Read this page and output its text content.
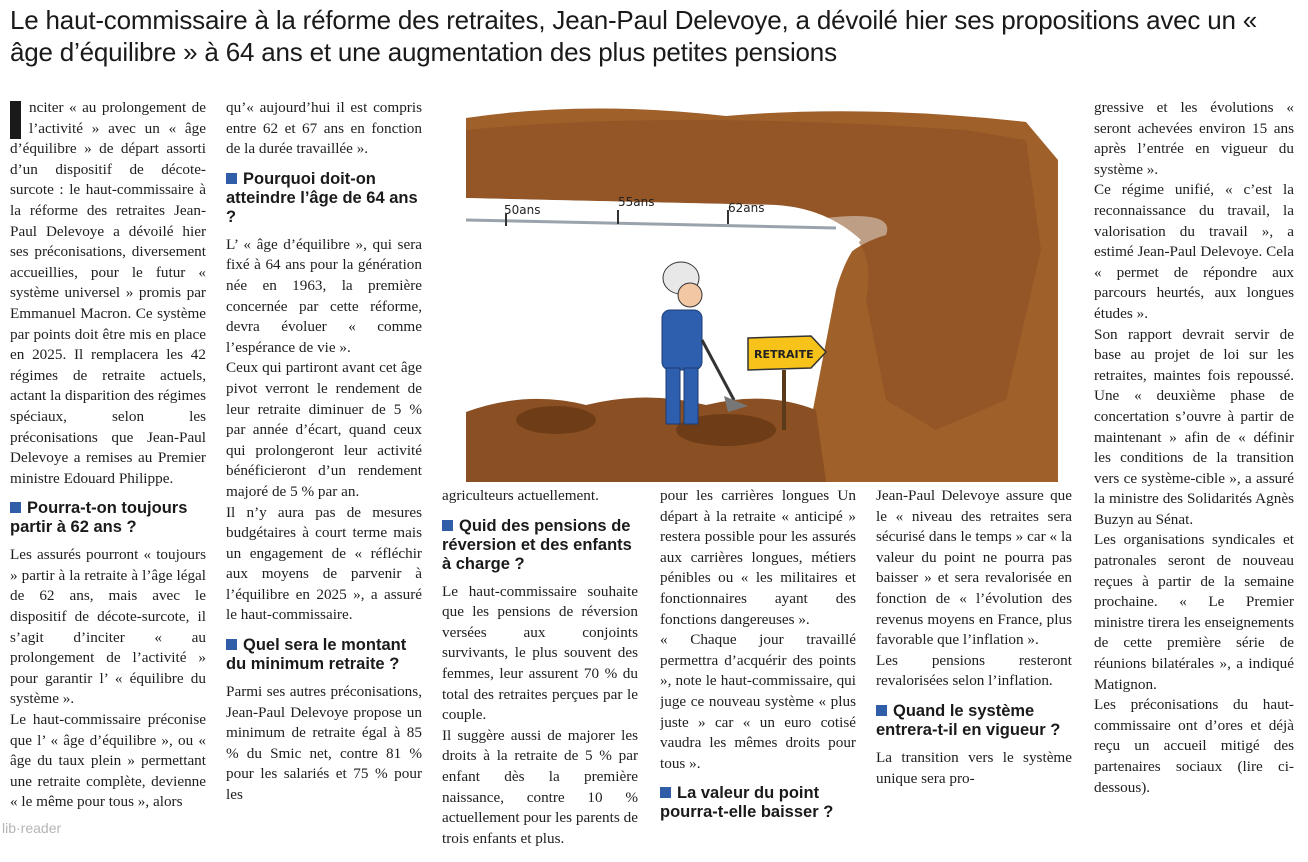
Le haut-commissaire à la réforme des retraites, Jean-Paul Delevoye, a dévoilé hier ses propositions avec un « âge d’équilibre » à 64 ans et une augmentation des plus petites pensions

nciter « au prolongement de l’activité » avec un « âge d’équilibre » de départ assorti d’un dispositif de décote-surcote : le haut-commissaire à la réforme des retraites Jean-Paul Delevoye a dévoilé hier ses préconisations, diversement accueillies, pour le futur « système universel » promis par Emmanuel Macron. Ce système par points doit être mis en place en 2025. Il remplacera les 42 régimes de retraite actuels, actant la disparition des régimes spéciaux, selon les préconisations que Jean-Paul Delevoye a remises au Premier ministre Edouard Philippe.

Pourra-t-on toujours partir à 62 ans ?

Les assurés pourront « toujours » partir à la retraite à l’âge légal de 62 ans, mais avec le dispositif de décote-surcote, il s’agit d’inciter « au prolongement de l’activité » pour garantir l’ « équilibre du système ».

Le haut-commissaire préconise que l’ « âge d’équilibre », ou « âge du taux plein » permettant une retraite complète, devienne « le même pour tous », alors

qu’« aujourd’hui il est compris entre 62 et 67 ans en fonction de la durée travaillée ».

Pourquoi doit-on atteindre l’âge de 64 ans ?

L’ « âge d’équilibre », qui sera fixé à 64 ans pour la génération née en 1963, la première concernée par cette réforme, devra évoluer « comme l’espérance de vie ».

Ceux qui partiront avant cet âge pivot verront le rendement de leur retraite diminuer de 5 % par année d’écart, quand ceux qui prolongeront leur activité bénéficieront d’un rendement majoré de 5 % par an.

Il n’y aura pas de mesures budgétaires à court terme mais un engagement de « réfléchir aux moyens de parvenir à l’équilibre en 2025 », a assuré le haut-commissaire.

Quel sera le montant du minimum retraite ?

Parmi ses autres préconisations, Jean-Paul Delevoye propose un minimum de retraite égal à 85 % du Smic net, contre 81 % pour les salariés et 75 % pour les

50ans
55ans	62ans
RETRAITE

agriculteurs actuellement.

Quid des pensions de réversion et des enfants à charge ?

Le haut-commissaire souhaite que les pensions de réversion versées aux conjoints survivants, le plus souvent des femmes, leur assurent 70 % du total des retraites perçues par le couple.

Il suggère aussi de majorer les droits à la retraite de 5 % par enfant dès la première naissance, contre 10 % actuellement pour les parents de trois enfants et plus.

pour les carrières longues Un départ à la retraite « anticipé » restera possible pour les assurés aux carrières longues, métiers pénibles ou « les militaires et fonctionnaires ayant des fonctions dangereuses ».

« Chaque jour travaillé permettra d’acquérir des points », note le haut-commissaire, qui juge ce nouveau système « plus juste » car « un euro cotisé vaudra les mêmes droits pour tous ».

La valeur du point pourra-t-elle baisser ?

Jean-Paul Delevoye assure que le « niveau des retraites sera sécurisé dans le temps » car « la valeur du point ne pourra pas baisser » et sera revalorisée en fonction de « l’évolution des revenus moyens en France, plus favorable que l’inflation ».

Les pensions resteront revalorisées selon l’inflation.

Quand le système entrera-t-il en vigueur ?

La transition vers le système unique sera pro-

gressive et les évolutions « seront achevées environ 15 ans après l’entrée en vigueur du système ».

Ce régime unifié, « c’est la reconnaissance du travail, la valorisation du travail », a estimé Jean-Paul Delevoye. Cela « permet de répondre aux parcours heurtés, aux longues études ».

Son rapport devrait servir de base au projet de loi sur les retraites, maintes fois repoussé. Une « deuxième phase de concertation s’ouvre à partir de maintenant » afin de « définir les conditions de la transition vers ce système-cible », a assuré la ministre des Solidarités Agnès Buzyn au Sénat.

Les organisations syndicales et patronales seront de nouveau reçues à partir de la semaine prochaine. « Le Premier ministre tirera les enseignements de cette première série de réunions bilatérales », a indiqué Matignon.

Les préconisations du haut-commissaire ont d’ores et déjà reçu un accueil mitigé des partenaires sociaux (lire ci-dessous).

lib·reader
